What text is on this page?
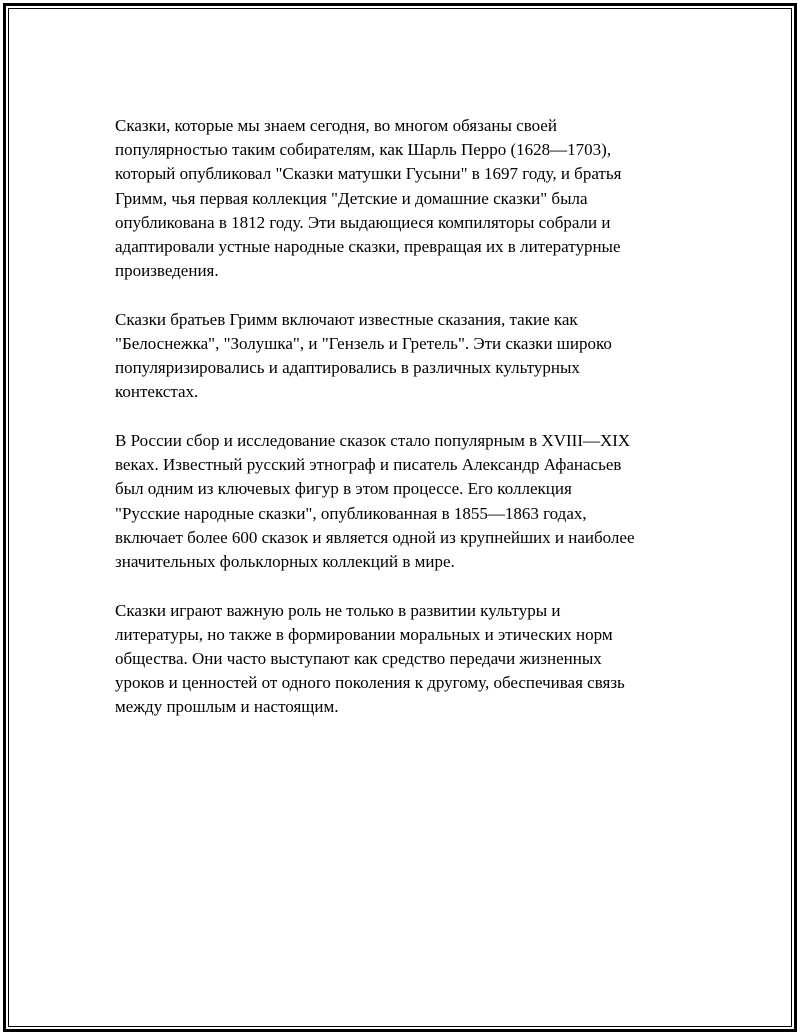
Сказки, которые мы знаем сегодня, во многом обязаны своей
популярностью таким собирателям, как Шарль Перро (1628—1703),
который опубликовал "Сказки матушки Гусыни" в 1697 году, и братья
Гримм, чья первая коллекция "Детские и домашние сказки" была
опубликована в 1812 году. Эти выдающиеся компиляторы собрали и
адаптировали устные народные сказки, превращая их в литературные
произведения.

Сказки братьев Гримм включают известные сказания, такие как
"Белоснежка", "Золушка", и "Гензель и Гретель". Эти сказки широко
популяризировались и адаптировались в различных культурных
контекстах.

В России сбор и исследование сказок стало популярным в XVIII—XIX
веках. Известный русский этнограф и писатель Александр Афанасьев
был одним из ключевых фигур в этом процессе. Его коллекция
"Русские народные сказки", опубликованная в 1855—1863 годах,
включает более 600 сказок и является одной из крупнейших и наиболее
значительных фольклорных коллекций в мире.

Сказки играют важную роль не только в развитии культуры и
литературы, но также в формировании моральных и этических норм
общества. Они часто выступают как средство передачи жизненных
уроков и ценностей от одного поколения к другому, обеспечивая связь
между прошлым и настоящим.
